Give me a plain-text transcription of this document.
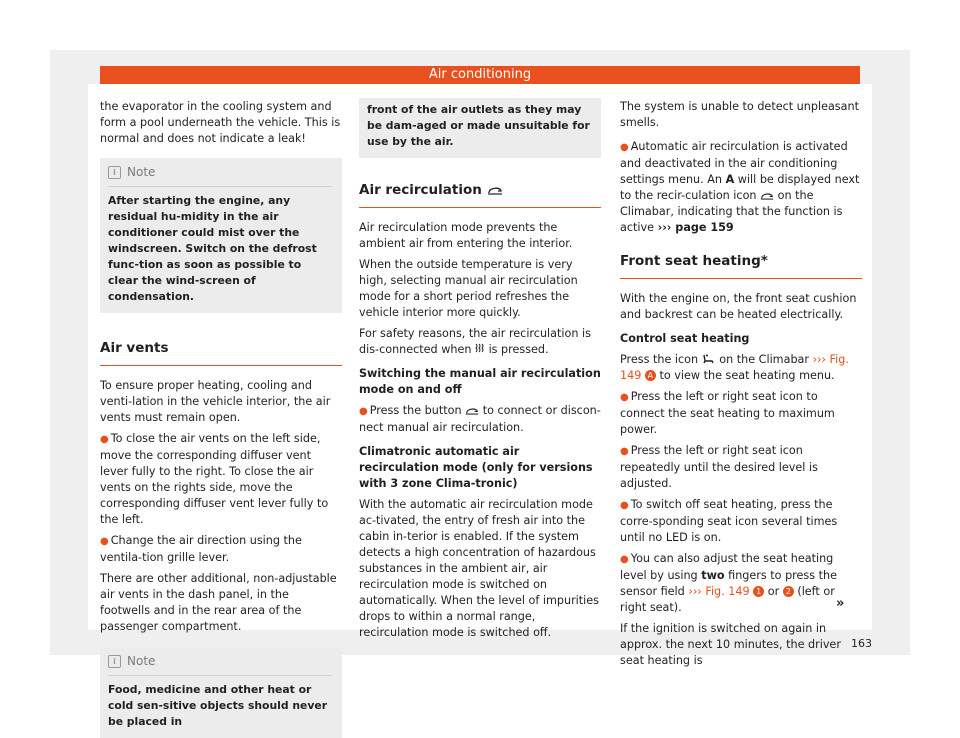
Air conditioning

the evaporator in the cooling system and form a pool underneath the vehicle. This is normal and does not indicate a leak!

i Note
After starting the engine, any residual hu-midity in the air conditioner could mist over the windscreen. Switch on the defrost func-tion as soon as possible to clear the wind-screen of condensation.
Air vents

To ensure proper heating, cooling and venti-lation in the vehicle interior, the air vents must remain open.

● To close the air vents on the left side, move the corresponding diffuser vent lever fully to the right. To close the air vents on the rights side, move the corresponding diffuser vent lever fully to the left.

● Change the air direction using the ventila-tion grille lever.

There are other additional, non-adjustable air vents in the dash panel, in the footwells and in the rear area of the passenger compartment.

i Note
Food, medicine and other heat or cold sen-sitive objects should never be placed in
front of the air outlets as they may be dam-aged or made unsuitable for use by the air.
Air recirculation

Air recirculation mode prevents the ambient air from entering the interior.

When the outside temperature is very high, selecting manual air recirculation mode for a short period refreshes the vehicle interior more quickly.

For safety reasons, the air recirculation is dis-connected when is pressed.

Switching the manual air recirculation mode on and off

● Press the button to connect or discon-nect manual air recirculation.

Climatronic automatic air recirculation mode (only for versions with 3 zone Clima-tronic)

With the automatic air recirculation mode ac-tivated, the entry of fresh air into the cabin in-terior is enabled. If the system detects a high concentration of hazardous substances in the ambient air, air recirculation mode is switched on automatically. When the level of impurities drops to within a normal range, recirculation mode is switched off.

The system is unable to detect unpleasant smells.

● Automatic air recirculation is activated and deactivated in the air conditioning settings menu. An A will be displayed next to the recir-culation icon on the Climabar, indicating that the function is active ››› page 159

Front seat heating*

With the engine on, the front seat cushion and backrest can be heated electrically.

Control seat heating

Press the icon on the Climabar ››› Fig. 149 A to view the seat heating menu.

● Press the left or right seat icon to connect the seat heating to maximum power.

● Press the left or right seat icon repeatedly until the desired level is adjusted.

● To switch off seat heating, press the corre-sponding seat icon several times until no LED is on.

● You can also adjust the seat heating level by using two fingers to press the sensor field ››› Fig. 149 1 or 2 (left or right seat).

If the ignition is switched on again in approx. the next 10 minutes, the driver seat heating is

»
163
